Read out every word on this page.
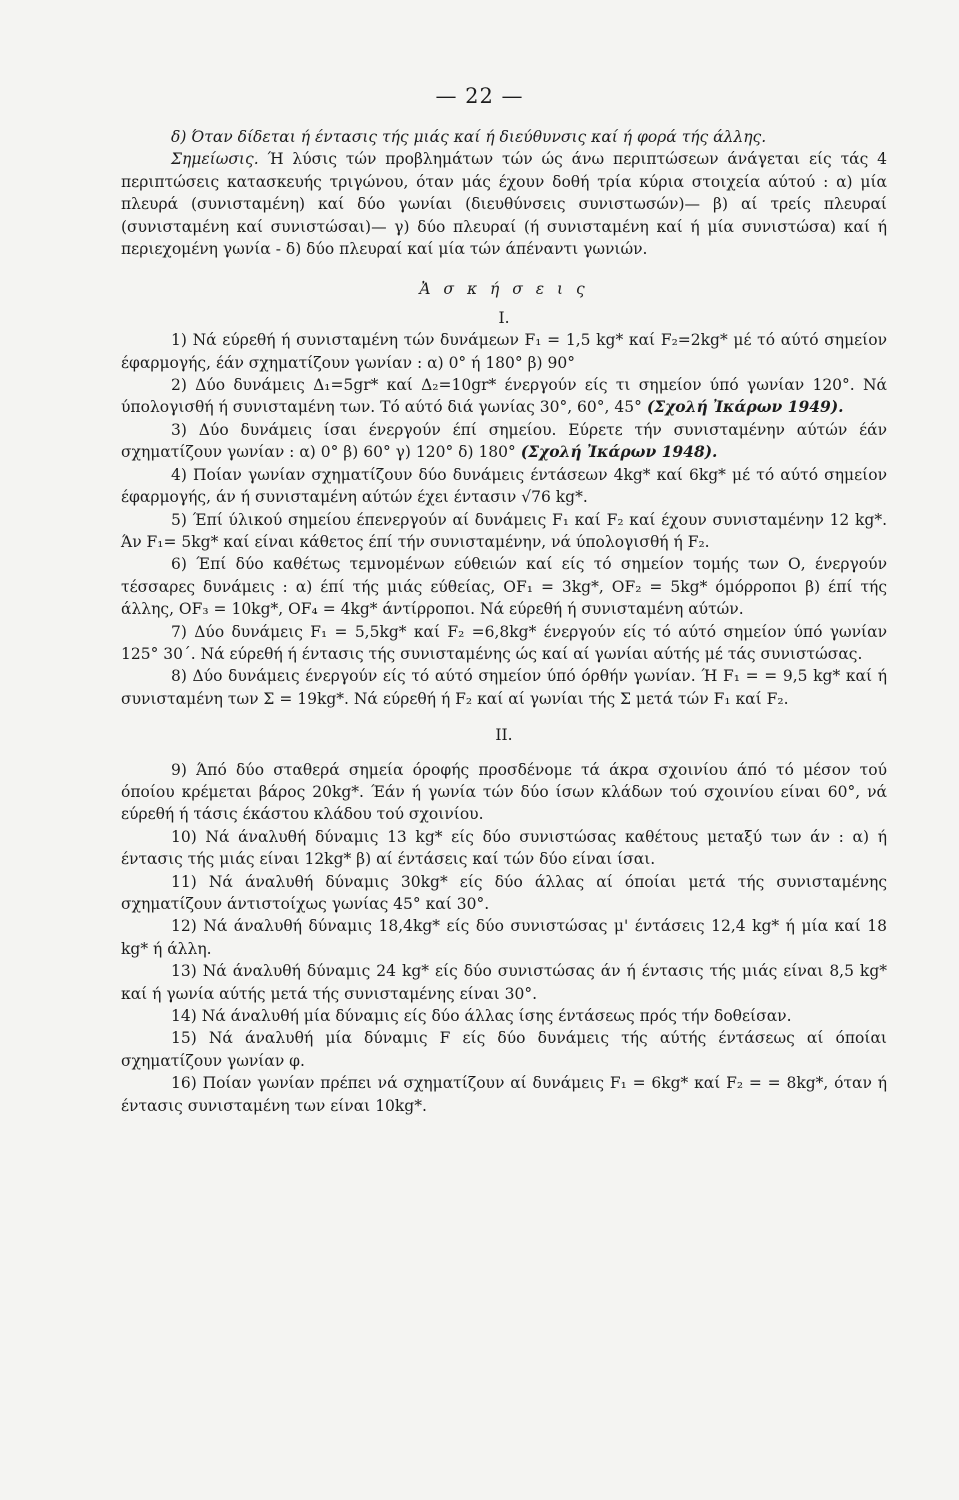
— 22 —

δ) Όταν δίδεται ή έντασις τής μιάς καί ή διεύθυνσις καί ή φορά τής άλλης.

Σημείωσις. Ή λύσις τών προβλημάτων τών ώς άνω περιπτώσεων άνάγεται είς τάς 4 περιπτώσεις κατασκευής τριγώνου, όταν μάς έχουν δοθή τρία κύρια στοιχεία αύτού : α) μία πλευρά (συνισταμένη) καί δύο γωνίαι (διευθύνσεις συνιστωσών)— β) αί τρείς πλευραί (συνισταμένη καί συνιστώσαι)— γ) δύο πλευραί (ή συνισταμένη καί ή μία συνιστώσα) καί ή περιεχομένη γωνία - δ) δύο πλευραί καί μία τών άπέναντι γωνιών.

Ἀ σ κ ή σ ε ι ς

I.

1) Νά εύρεθή ή συνισταμένη τών δυνάμεων F₁ = 1,5 kg* καί F₂=2kg* μέ τό αύτό σημείον έφαρμογής, έάν σχηματίζουν γωνίαν : α) 0° ή 180° β) 90°

2) Δύο δυνάμεις Δ₁=5gr* καί Δ₂=10gr* ένεργούν είς τι σημείον ύπό γωνίαν 120°. Νά ύπολογισθή ή συνισταμένη των. Τό αύτό διά γωνίας 30°, 60°, 45° (Σχολή Ἰκάρων 1949).

3) Δύο δυνάμεις ίσαι ένεργούν έπί σημείου. Εύρετε τήν συνισταμένην αύτών έάν σχηματίζουν γωνίαν : α) 0° β) 60° γ) 120° δ) 180° (Σχολή Ἰκάρων 1948).

4) Ποίαν γωνίαν σχηματίζουν δύο δυνάμεις έντάσεων 4kg* καί 6kg* μέ τό αύτό σημείον έφαρμογής, άν ή συνισταμένη αύτών έχει έντασιν √76 kg*.

5) Έπί ύλικού σημείου έπενεργούν αί δυνάμεις F₁ καί F₂ καί έχουν συνισταμένην 12 kg*. Άν F₁= 5kg* καί είναι κάθετος έπί τήν συνισταμένην, νά ύπολογισθή ή F₂.

6) Έπί δύο καθέτως τεμνομένων εύθειών καί είς τό σημείον τομής των Ο, ένεργούν τέσσαρες δυνάμεις : α) έπί τής μιάς εύθείας, OF₁ = 3kg*, OF₂ = 5kg* όμόρροποι β) έπί τής άλλης, OF₃ = 10kg*, OF₄ = 4kg* άντίρροποι. Νά εύρεθή ή συνισταμένη αύτών.

7) Δύο δυνάμεις F₁ = 5,5kg* καί F₂ =6,8kg* ένεργούν είς τό αύτό σημείον ύπό γωνίαν 125° 30΄. Νά εύρεθή ή έντασις τής συνισταμένης ώς καί αί γωνίαι αύτής μέ τάς συνιστώσας.

8) Δύο δυνάμεις ένεργούν είς τό αύτό σημείον ύπό όρθήν γωνίαν. Ή F₁ = = 9,5 kg* καί ή συνισταμένη των Σ = 19kg*. Νά εύρεθή ή F₂ καί αί γωνίαι τής Σ μετά τών F₁ καί F₂.

II.

9) Άπό δύο σταθερά σημεία όροφής προσδένομε τά άκρα σχοινίου άπό τό μέσον τού όποίου κρέμεται βάρος 20kg*. Έάν ή γωνία τών δύο ίσων κλάδων τού σχοινίου είναι 60°, νά εύρεθή ή τάσις έκάστου κλάδου τού σχοινίου.

10) Νά άναλυθή δύναμις 13 kg* είς δύο συνιστώσας καθέτους μεταξύ των άν : α) ή έντασις τής μιάς είναι 12kg* β) αί έντάσεις καί τών δύο είναι ίσαι.

11) Νά άναλυθή δύναμις 30kg* είς δύο άλλας αί όποίαι μετά τής συνισταμένης σχηματίζουν άντιστοίχως γωνίας 45° καί 30°.

12) Νά άναλυθή δύναμις 18,4kg* είς δύο συνιστώσας μ' έντάσεις 12,4 kg* ή μία καί 18 kg* ή άλλη.

13) Νά άναλυθή δύναμις 24 kg* είς δύο συνιστώσας άν ή έντασις τής μιάς είναι 8,5 kg* καί ή γωνία αύτής μετά τής συνισταμένης είναι 30°.

14) Νά άναλυθή μία δύναμις είς δύο άλλας ίσης έντάσεως πρός τήν δοθείσαν.

15) Νά άναλυθή μία δύναμις F είς δύο δυνάμεις τής αύτής έντάσεως αί όποίαι σχηματίζουν γωνίαν φ.

16) Ποίαν γωνίαν πρέπει νά σχηματίζουν αί δυνάμεις F₁ = 6kg* καί F₂ = = 8kg*, όταν ή έντασις συνισταμένη των είναι 10kg*.
